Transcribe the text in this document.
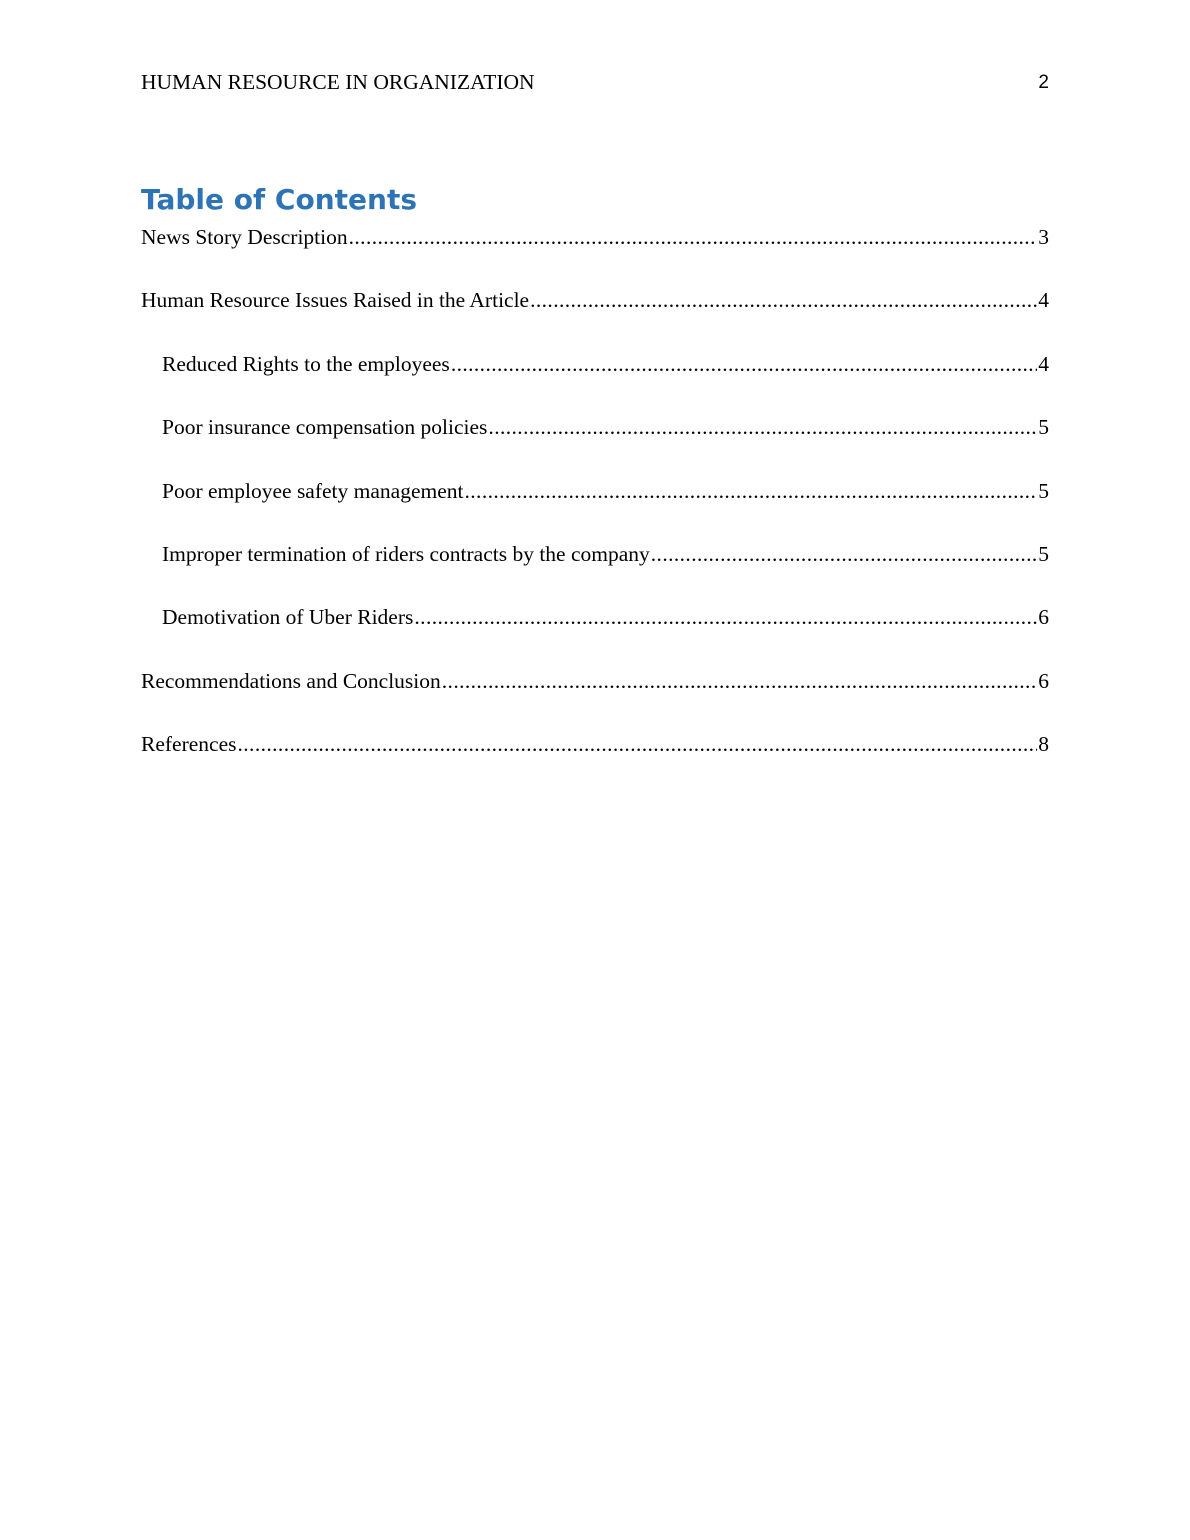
HUMAN RESOURCE IN ORGANIZATION	2
Table of Contents
News Story Description .....	3
Human Resource Issues Raised in the Article .....	4
Reduced Rights to the employees .....	4
Poor insurance compensation policies .....	5
Poor employee safety management .....	5
Improper termination of riders contracts by the company .....	5
Demotivation of Uber Riders .....	6
Recommendations and Conclusion .....	6
References .....	8
